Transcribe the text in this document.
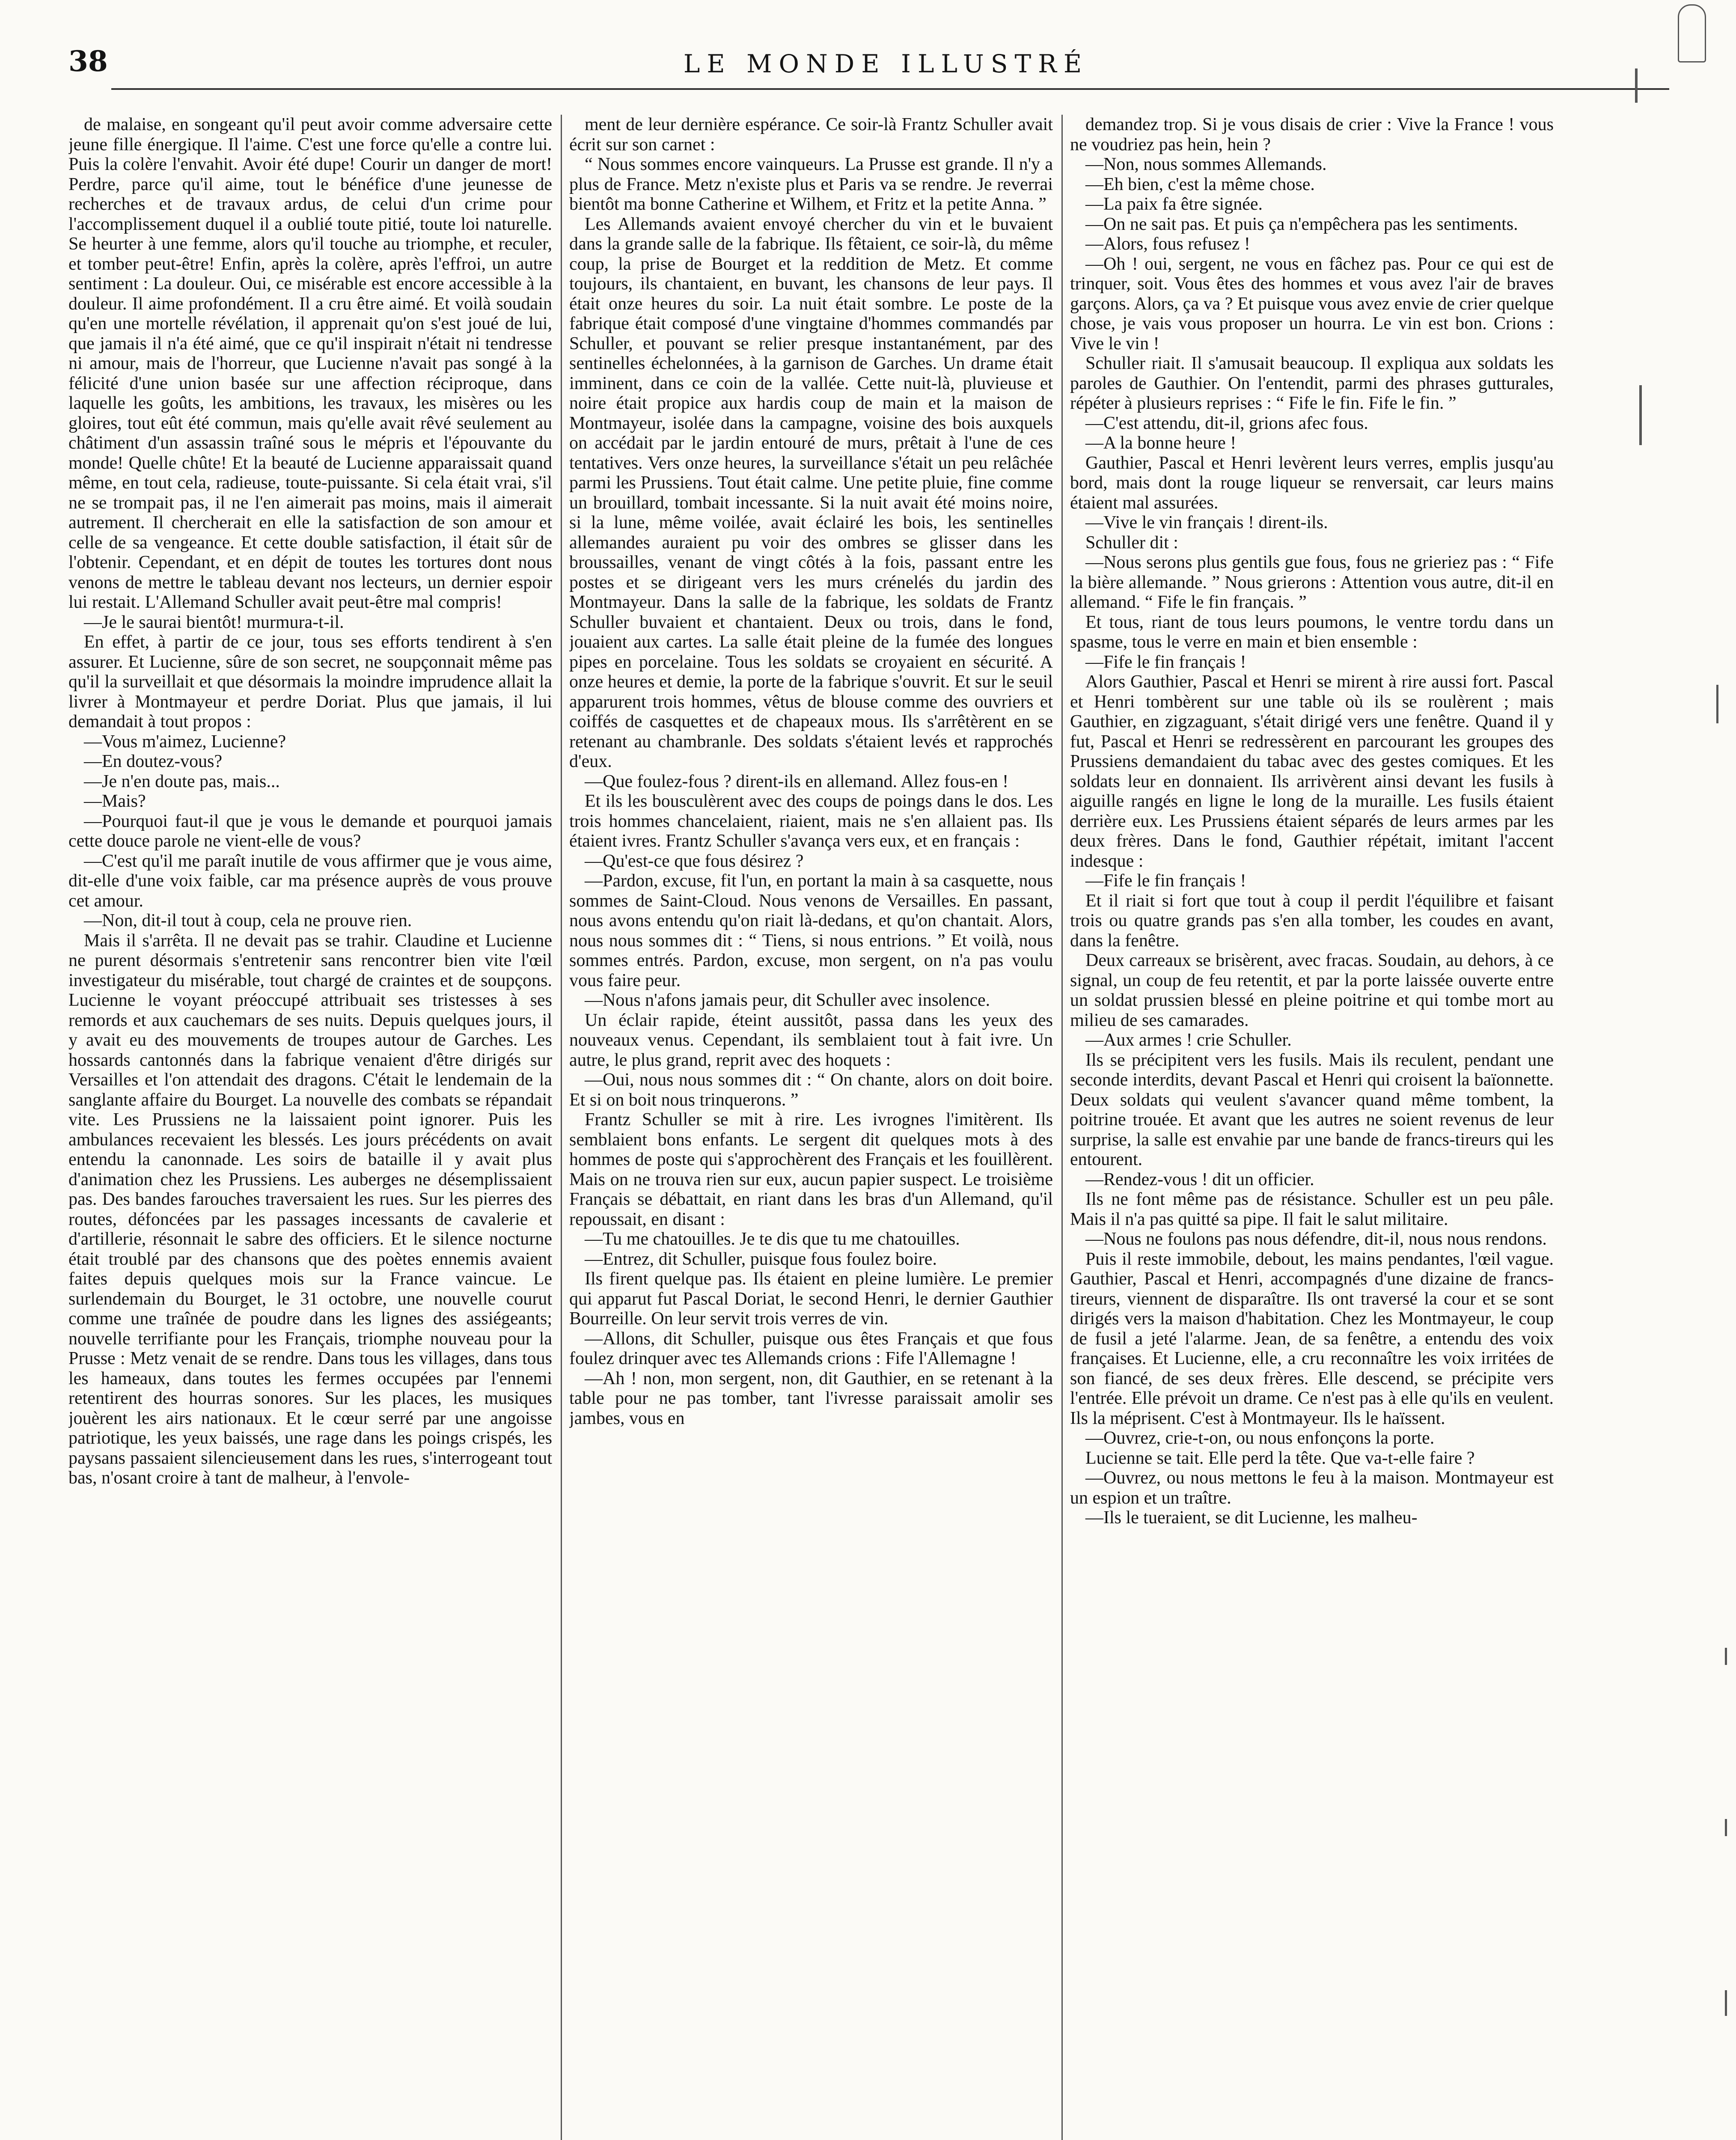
38	LE MONDE ILLUSTRÉ

de malaise, en songeant qu'il peut avoir comme adversaire cette jeune fille énergique. Il l'aime. C'est une force qu'elle a contre lui. Puis la colère l'envahit. Avoir été dupe! Courir un danger de mort! Perdre, parce qu'il aime, tout le bénéfice d'une jeunesse de recherches et de travaux ardus, de celui d'un crime pour l'accomplissement duquel il a oublié toute pitié, toute loi naturelle. Se heurter à une femme, alors qu'il touche au triomphe, et reculer, et tomber peut-être! Enfin, après la colère, après l'effroi, un autre sentiment : La douleur. Oui, ce misérable est encore accessible à la douleur. Il aime profondément. Il a cru être aimé. Et voilà soudain qu'en une mortelle révélation, il apprenait qu'on s'est joué de lui, que jamais il n'a été aimé, que ce qu'il inspirait n'était ni tendresse ni amour, mais de l'horreur, que Lucienne n'avait pas songé à la félicité d'une union basée sur une affection réciproque, dans laquelle les goûts, les ambitions, les travaux, les misères ou les gloires, tout eût été commun, mais qu'elle avait rêvé seulement au châtiment d'un assassin traîné sous le mépris et l'épouvante du monde! Quelle chûte! Et la beauté de Lucienne apparaissait quand même, en tout cela, radieuse, toute-puissante. Si cela était vrai, s'il ne se trompait pas, il ne l'en aimerait pas moins, mais il aimerait autrement. Il chercherait en elle la satisfaction de son amour et celle de sa vengeance. Et cette double satisfaction, il était sûr de l'obtenir. Cependant, et en dépit de toutes les tortures dont nous venons de mettre le tableau devant nos lecteurs, un dernier espoir lui restait. L'Allemand Schuller avait peut-être mal compris!

—Je le saurai bientôt! murmura-t-il.

En effet, à partir de ce jour, tous ses efforts tendirent à s'en assurer. Et Lucienne, sûre de son secret, ne soupçonnait même pas qu'il la surveillait et que désormais la moindre imprudence allait la livrer à Montmayeur et perdre Doriat. Plus que jamais, il lui demandait à tout propos :

—Vous m'aimez, Lucienne?

—En doutez-vous?

—Je n'en doute pas, mais...

—Mais?

—Pourquoi faut-il que je vous le demande et pourquoi jamais cette douce parole ne vient-elle de vous?

—C'est qu'il me paraît inutile de vous affirmer que je vous aime, dit-elle d'une voix faible, car ma présence auprès de vous prouve cet amour.

—Non, dit-il tout à coup, cela ne prouve rien.

Mais il s'arrêta. Il ne devait pas se trahir. Claudine et Lucienne ne purent désormais s'entretenir sans rencontrer bien vite l'œil investigateur du misérable, tout chargé de craintes et de soupçons. Lucienne le voyant préoccupé attribuait ses tristesses à ses remords et aux cauchemars de ses nuits. Depuis quelques jours, il y avait eu des mouvements de troupes autour de Garches. Les hossards cantonnés dans la fabrique venaient d'être dirigés sur Versailles et l'on attendait des dragons. C'était le lendemain de la sanglante affaire du Bourget. La nouvelle des combats se répandait vite. Les Prussiens ne la laissaient point ignorer. Puis les ambulances recevaient les blessés. Les jours précédents on avait entendu la canonnade. Les soirs de bataille il y avait plus d'animation chez les Prussiens. Les auberges ne désemplissaient pas. Des bandes farouches traversaient les rues. Sur les pierres des routes, défoncées par les passages incessants de cavalerie et d'artillerie, résonnait le sabre des officiers. Et le silence nocturne était troublé par des chansons que des poètes ennemis avaient faites depuis quelques mois sur la France vaincue. Le surlendemain du Bourget, le 31 octobre, une nouvelle courut comme une traînée de poudre dans les lignes des assiégeants; nouvelle terrifiante pour les Français, triomphe nouveau pour la Prusse : Metz venait de se rendre. Dans tous les villages, dans tous les hameaux, dans toutes les fermes occupées par l'ennemi retentirent des hourras sonores. Sur les places, les musiques jouèrent les airs nationaux. Et le cœur serré par une angoisse patriotique, les yeux baissés, une rage dans les poings crispés, les paysans passaient silencieusement dans les rues, s'interrogeant tout bas, n'osant croire à tant de malheur, à l'envole-

ment de leur dernière espérance. Ce soir-là Frantz Schuller avait écrit sur son carnet :

“ Nous sommes encore vainqueurs. La Prusse est grande. Il n'y a plus de France. Metz n'existe plus et Paris va se rendre. Je reverrai bientôt ma bonne Catherine et Wilhem, et Fritz et la petite Anna. ”

Les Allemands avaient envoyé chercher du vin et le buvaient dans la grande salle de la fabrique. Ils fêtaient, ce soir-là, du même coup, la prise de Bourget et la reddition de Metz. Et comme toujours, ils chantaient, en buvant, les chansons de leur pays. Il était onze heures du soir. La nuit était sombre. Le poste de la fabrique était composé d'une vingtaine d'hommes commandés par Schuller, et pouvant se relier presque instantanément, par des sentinelles échelonnées, à la garnison de Garches. Un drame était imminent, dans ce coin de la vallée. Cette nuit-là, pluvieuse et noire était propice aux hardis coup de main et la maison de Montmayeur, isolée dans la campagne, voisine des bois auxquels on accédait par le jardin entouré de murs, prêtait à l'une de ces tentatives. Vers onze heures, la surveillance s'était un peu relâchée parmi les Prussiens. Tout était calme. Une petite pluie, fine comme un brouillard, tombait incessante. Si la nuit avait été moins noire, si la lune, même voilée, avait éclairé les bois, les sentinelles allemandes auraient pu voir des ombres se glisser dans les broussailles, venant de vingt côtés à la fois, passant entre les postes et se dirigeant vers les murs crénelés du jardin des Montmayeur. Dans la salle de la fabrique, les soldats de Frantz Schuller buvaient et chantaient. Deux ou trois, dans le fond, jouaient aux cartes. La salle était pleine de la fumée des longues pipes en porcelaine. Tous les soldats se croyaient en sécurité. A onze heures et demie, la porte de la fabrique s'ouvrit. Et sur le seuil apparurent trois hommes, vêtus de blouse comme des ouvriers et coiffés de casquettes et de chapeaux mous. Ils s'arrêtèrent en se retenant au chambranle. Des soldats s'étaient levés et rapprochés d'eux.

—Que foulez-fous ? dirent-ils en allemand. Allez fous-en !

Et ils les bousculèrent avec des coups de poings dans le dos. Les trois hommes chancelaient, riaient, mais ne s'en allaient pas. Ils étaient ivres. Frantz Schuller s'avança vers eux, et en français :

—Qu'est-ce que fous désirez ?

—Pardon, excuse, fit l'un, en portant la main à sa casquette, nous sommes de Saint-Cloud. Nous venons de Versailles. En passant, nous avons entendu qu'on riait là-dedans, et qu'on chantait. Alors, nous nous sommes dit : “ Tiens, si nous entrions. ” Et voilà, nous sommes entrés. Pardon, excuse, mon sergent, on n'a pas voulu vous faire peur.

—Nous n'afons jamais peur, dit Schuller avec insolence.

Un éclair rapide, éteint aussitôt, passa dans les yeux des nouveaux venus. Cependant, ils semblaient tout à fait ivre. Un autre, le plus grand, reprit avec des hoquets :

—Oui, nous nous sommes dit : “ On chante, alors on doit boire. Et si on boit nous trinquerons. ”

Frantz Schuller se mit à rire. Les ivrognes l'imitèrent. Ils semblaient bons enfants. Le sergent dit quelques mots à des hommes de poste qui s'approchèrent des Français et les fouillèrent. Mais on ne trouva rien sur eux, aucun papier suspect. Le troisième Français se débattait, en riant dans les bras d'un Allemand, qu'il repoussait, en disant :

—Tu me chatouilles. Je te dis que tu me chatouilles.

—Entrez, dit Schuller, puisque fous foulez boire.

Ils firent quelque pas. Ils étaient en pleine lumière. Le premier qui apparut fut Pascal Doriat, le second Henri, le dernier Gauthier Bourreille. On leur servit trois verres de vin.

—Allons, dit Schuller, puisque ous êtes Français et que fous foulez drinquer avec tes Allemands crions : Fife l'Allemagne !

—Ah ! non, mon sergent, non, dit Gauthier, en se retenant à la table pour ne pas tomber, tant l'ivresse paraissait amolir ses jambes, vous en

demandez trop. Si je vous disais de crier : Vive la France ! vous ne voudriez pas hein, hein ?

—Non, nous sommes Allemands.

—Eh bien, c'est la même chose.

—La paix fa être signée.

—On ne sait pas. Et puis ça n'empêchera pas les sentiments.

—Alors, fous refusez !

—Oh ! oui, sergent, ne vous en fâchez pas. Pour ce qui est de trinquer, soit. Vous êtes des hommes et vous avez l'air de braves garçons. Alors, ça va ? Et puisque vous avez envie de crier quelque chose, je vais vous proposer un hourra. Le vin est bon. Crions : Vive le vin !

Schuller riait. Il s'amusait beaucoup. Il expliqua aux soldats les paroles de Gauthier. On l'entendit, parmi des phrases gutturales, répéter à plusieurs reprises : “ Fife le fin. Fife le fin. ”

—C'est attendu, dit-il, grions afec fous.

—A la bonne heure !

Gauthier, Pascal et Henri levèrent leurs verres, emplis jusqu'au bord, mais dont la rouge liqueur se renversait, car leurs mains étaient mal assurées.

—Vive le vin français ! dirent-ils.

Schuller dit :

—Nous serons plus gentils gue fous, fous ne grieriez pas : “ Fife la bière allemande. ” Nous grierons : Attention vous autre, dit-il en allemand. “ Fife le fin français. ”

Et tous, riant de tous leurs poumons, le ventre tordu dans un spasme, tous le verre en main et bien ensemble :

—Fife le fin français !

Alors Gauthier, Pascal et Henri se mirent à rire aussi fort. Pascal et Henri tombèrent sur une table où ils se roulèrent ; mais Gauthier, en zigzaguant, s'était dirigé vers une fenêtre. Quand il y fut, Pascal et Henri se redressèrent en parcourant les groupes des Prussiens demandaient du tabac avec des gestes comiques. Et les soldats leur en donnaient. Ils arrivèrent ainsi devant les fusils à aiguille rangés en ligne le long de la muraille. Les fusils étaient derrière eux. Les Prussiens étaient séparés de leurs armes par les deux frères. Dans le fond, Gauthier répétait, imitant l'accent indesque :

—Fife le fin français !

Et il riait si fort que tout à coup il perdit l'équilibre et faisant trois ou quatre grands pas s'en alla tomber, les coudes en avant, dans la fenêtre.

Deux carreaux se brisèrent, avec fracas. Soudain, au dehors, à ce signal, un coup de feu retentit, et par la porte laissée ouverte entre un soldat prussien blessé en pleine poitrine et qui tombe mort au milieu de ses camarades.

—Aux armes ! crie Schuller.

Ils se précipitent vers les fusils. Mais ils reculent, pendant une seconde interdits, devant Pascal et Henri qui croisent la baïonnette. Deux soldats qui veulent s'avancer quand même tombent, la poitrine trouée. Et avant que les autres ne soient revenus de leur surprise, la salle est envahie par une bande de francs-tireurs qui les entourent.

—Rendez-vous ! dit un officier.

Ils ne font même pas de résistance. Schuller est un peu pâle. Mais il n'a pas quitté sa pipe. Il fait le salut militaire.

—Nous ne foulons pas nous défendre, dit-il, nous nous rendons.

Puis il reste immobile, debout, les mains pendantes, l'œil vague. Gauthier, Pascal et Henri, accompagnés d'une dizaine de francs-tireurs, viennent de disparaître. Ils ont traversé la cour et se sont dirigés vers la maison d'habitation. Chez les Montmayeur, le coup de fusil a jeté l'alarme. Jean, de sa fenêtre, a entendu des voix françaises. Et Lucienne, elle, a cru reconnaître les voix irritées de son fiancé, de ses deux frères. Elle descend, se précipite vers l'entrée. Elle prévoit un drame. Ce n'est pas à elle qu'ils en veulent. Ils la méprisent. C'est à Montmayeur. Ils le haïssent.

—Ouvrez, crie-t-on, ou nous enfonçons la porte.

Lucienne se tait. Elle perd la tête. Que va-t-elle faire ?

—Ouvrez, ou nous mettons le feu à la maison. Montmayeur est un espion et un traître.

—Ils le tueraient, se dit Lucienne, les malheu-
